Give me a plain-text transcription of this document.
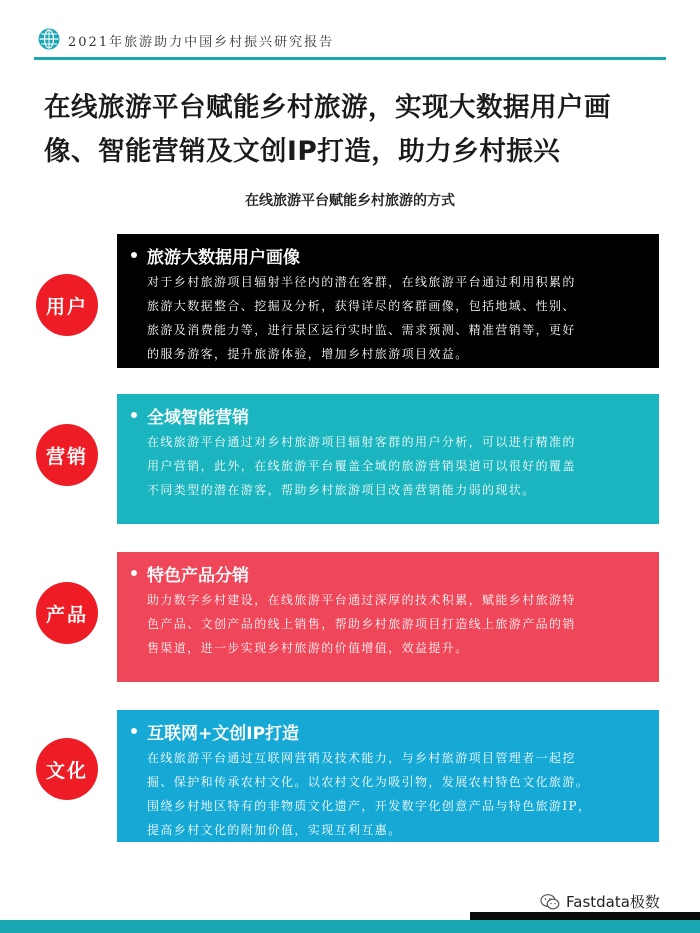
2021年旅游助力中国乡村振兴研究报告
在线旅游平台赋能乡村旅游，实现大数据用户画
像、智能营销及文创IP打造，助力乡村振兴
在线旅游平台赋能乡村旅游的方式
用户
旅游大数据用户画像
对于乡村旅游项目辐射半径内的潜在客群，在线旅游平台通过利用积累的
旅游大数据整合、挖掘及分析，获得详尽的客群画像，包括地域、性别、
旅游及消费能力等，进行景区运行实时监、需求预测、精准营销等，更好
的服务游客，提升旅游体验，增加乡村旅游项目效益。
营销
全域智能营销
在线旅游平台通过对乡村旅游项目辐射客群的用户分析，可以进行精准的
用户营销，此外，在线旅游平台覆盖全域的旅游营销渠道可以很好的覆盖
不同类型的潜在游客，帮助乡村旅游项目改善营销能力弱的现状。
产品
特色产品分销
助力数字乡村建设，在线旅游平台通过深厚的技术积累，赋能乡村旅游特
色产品、文创产品的线上销售，帮助乡村旅游项目打造线上旅游产品的销
售渠道，进一步实现乡村旅游的价值增值，效益提升。
文化
互联网+文创IP打造
在线旅游平台通过互联网营销及技术能力，与乡村旅游项目管理者一起挖
掘、保护和传承农村文化。以农村文化为吸引物，发展农村特色文化旅游。
围绕乡村地区特有的非物质文化遗产，开发数字化创意产品与特色旅游IP，
提高乡村文化的附加价值，实现互利互惠。
Fastdata极数
